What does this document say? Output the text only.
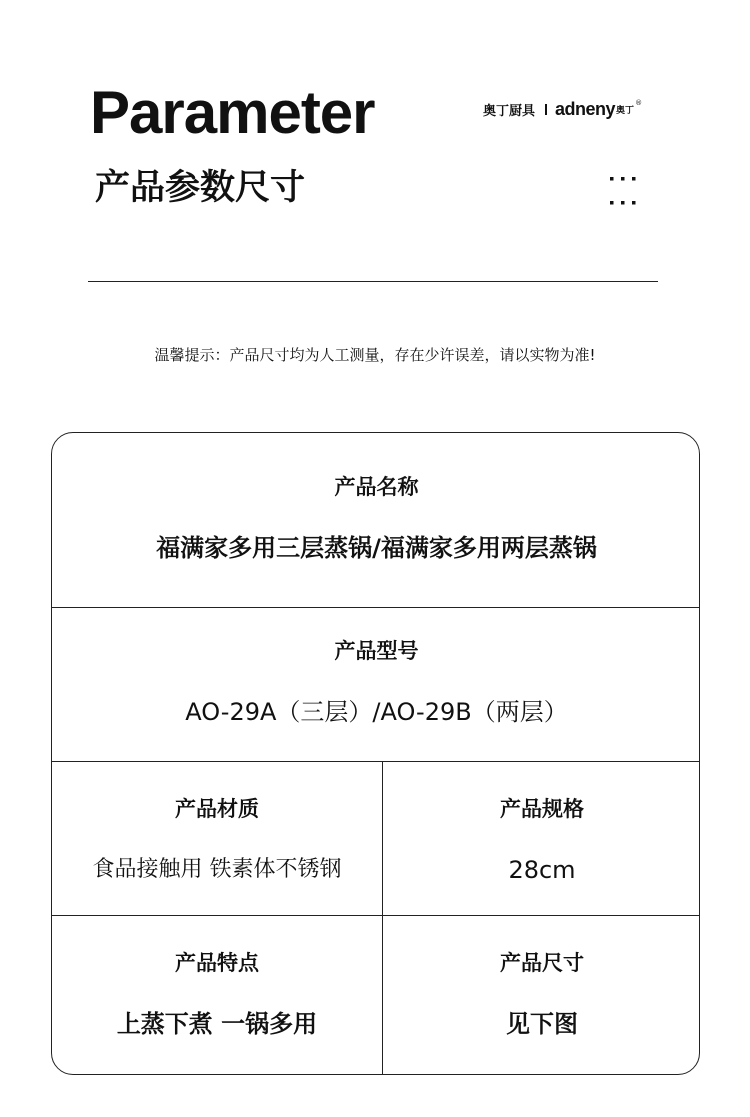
Parameter
产品参数尺寸
奥丁厨具 adneny 奥丁
®
温馨提示：产品尺寸均为人工测量，存在少许误差，请以实物为准!
产品名称
福满家多用三层蒸锅/福满家多用两层蒸锅
产品型号
AO-29A（三层）/AO-29B（两层）
产品材质
食品接触用 铁素体不锈钢
产品规格
28cm
产品特点
上蒸下煮 一锅多用
产品尺寸
见下图
